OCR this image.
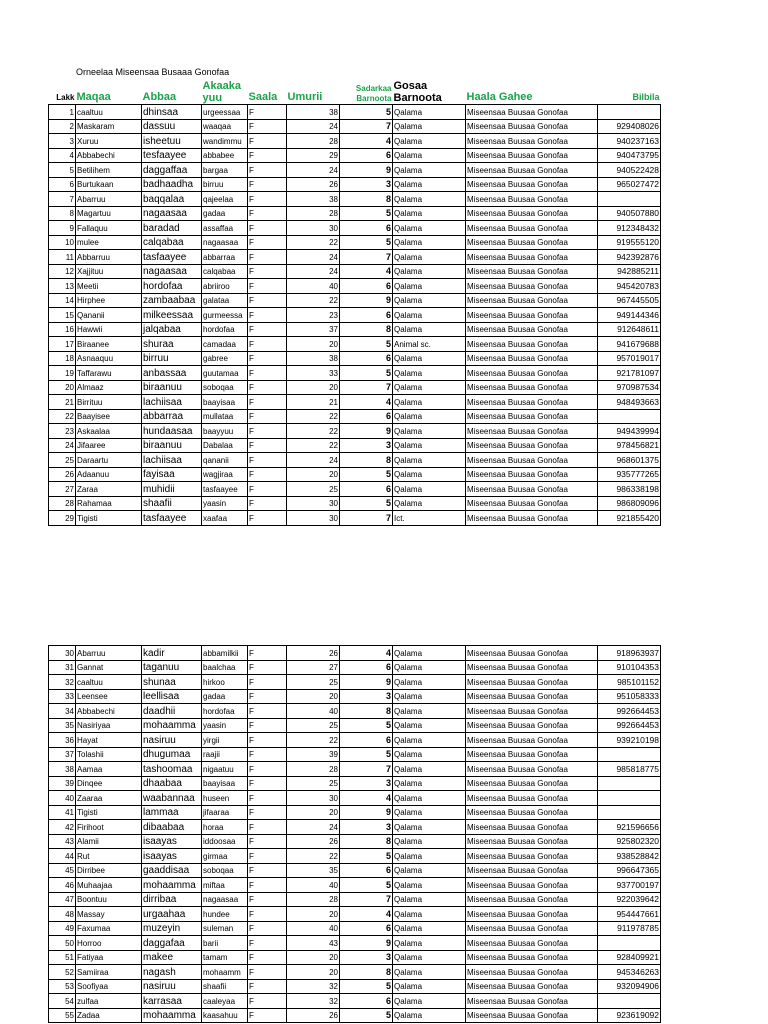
Orneelaa Miseensaa Busaaa Gonofaa
Lakk	Maqaa	Abbaa	Akaaka yuu	Saala	Umurii	Sadarkaa Barnoota	Gosaa Barnoota	Haala Gahee	Bilbila
1	caaltuu	dhinsaa	urgeessaa	F	38	5	Qalama	Miseensaa Buusaa Gonofaa	
2	Maskaram	dassuu	waaqaa	F	24	7	Qalama	Miseensaa Buusaa Gonofaa	929408026
3	Xuruu	isheetuu	wandimmu	F	28	4	Qalama	Miseensaa Buusaa Gonofaa	940237163
4	Abbabechi	tesfaayee	abbabee	F	29	6	Qalama	Miseensaa Buusaa Gonofaa	940473795
5	Betilihem	daggaffaa	bargaa	F	24	9	Qalama	Miseensaa Buusaa Gonofaa	940522428
6	Burtukaan	badhaadha	birruu	F	26	3	Qalama	Miseensaa Buusaa Gonofaa	965027472
7	Abarruu	baqqalaa	qajeelaa	F	38	8	Qalama	Miseensaa Buusaa Gonofaa	
8	Magartuu	nagaasaa	gadaa	F	28	5	Qalama	Miseensaa Buusaa Gonofaa	940507880
9	Fallaquu	baradad	assaffaa	F	30	6	Qalama	Miseensaa Buusaa Gonofaa	912348432
10	mulee	calqabaa	nagaasaa	F	22	5	Qalama	Miseensaa Buusaa Gonofaa	919555120
11	Abbarruu	tasfaayee	abbarraa	F	24	7	Qalama	Miseensaa Buusaa Gonofaa	942392876
12	Xajjituu	nagaasaa	calqabaa	F	24	4	Qalama	Miseensaa Buusaa Gonofaa	942885211
13	Meetii	hordofaa	abriiroo	F	40	6	Qalama	Miseensaa Buusaa Gonofaa	945420783
14	Hirphee	zambaabaa	galataa	F	22	9	Qalama	Miseensaa Buusaa Gonofaa	967445505
15	Qananii	milkeessaa	gurmeessa	F	23	6	Qalama	Miseensaa Buusaa Gonofaa	949144346
16	Hawwii	jalqabaa	hordofaa	F	37	8	Qalama	Miseensaa Buusaa Gonofaa	912648611
17	Biraanee	shuraa	camadaa	F	20	5	Animal sc.	Miseensaa Buusaa Gonofaa	941679688
18	Asnaaquu	birruu	gabree	F	38	6	Qalama	Miseensaa Buusaa Gonofaa	957019017
19	Taffarawu	anbassaa	guutamaa	F	33	5	Qalama	Miseensaa Buusaa Gonofaa	921781097
20	Almaaz	biraanuu	soboqaa	F	20	7	Qalama	Miseensaa Buusaa Gonofaa	970987534
21	Birrituu	lachiisaa	baayisaa	F	21	4	Qalama	Miseensaa Buusaa Gonofaa	948493663
22	Baayisee	abbarraa	mullataa	F	22	6	Qalama	Miseensaa Buusaa Gonofaa	
23	Askaalaa	hundaasaa	baayyuu	F	22	9	Qalama	Miseensaa Buusaa Gonofaa	949439994
24	Jifaaree	biraanuu	Dabalaa	F	22	3	Qalama	Miseensaa Buusaa Gonofaa	978456821
25	Daraartu	lachiisaa	qananii	F	24	8	Qalama	Miseensaa Buusaa Gonofaa	968601375
26	Adaanuu	fayisaa	wagjiraa	F	20	5	Qalama	Miseensaa Buusaa Gonofaa	935777265
27	Zaraa	muhidii	tasfaayee	F	25	6	Qalama	Miseensaa Buusaa Gonofaa	986338198
28	Rahamaa	shaafii	yaasin	F	30	5	Qalama	Miseensaa Buusaa Gonofaa	986809096
29	Tigisti	tasfaayee	xaafaa	F	30	7	Ict.	Miseensaa Buusaa Gonofaa	921855420
30	Abarruu	kadir	abbamilkii	F	26	4	Qalama	Miseensaa Buusaa Gonofaa	918963937
31	Gannat	taganuu	baalchaa	F	27	6	Qalama	Miseensaa Buusaa Gonofaa	910104353
32	caaltuu	shunaa	hirkoo	F	25	9	Qalama	Miseensaa Buusaa Gonofaa	985101152
33	Leensee	leellisaa	gadaa	F	20	3	Qalama	Miseensaa Buusaa Gonofaa	951058333
34	Abbabechi	daadhii	hordofaa	F	40	8	Qalama	Miseensaa Buusaa Gonofaa	992664453
35	Nasiriyaa	mohaamma	yaasin	F	25	5	Qalama	Miseensaa Buusaa Gonofaa	992664453
36	Hayat	nasiruu	yirgii	F	22	6	Qalama	Miseensaa Buusaa Gonofaa	939210198
37	Tolashii	dhugumaa	raajii	F	39	5	Qalama	Miseensaa Buusaa Gonofaa	
38	Aamaa	tashoomaa	nigaatuu	F	28	7	Qalama	Miseensaa Buusaa Gonofaa	985818775
39	Dinqee	dhaabaa	baayisaa	F	25	3	Qalama	Miseensaa Buusaa Gonofaa	
40	Zaaraa	waabannaa	huseen	F	30	4	Qalama	Miseensaa Buusaa Gonofaa	
41	Tigisti	lammaa	jifaaraa	F	20	9	Qalama	Miseensaa Buusaa Gonofaa	
42	Firihoot	dibaabaa	horaa	F	24	3	Qalama	Miseensaa Buusaa Gonofaa	921596656
43	Alamii	isaayas	iddoosaa	F	26	8	Qalama	Miseensaa Buusaa Gonofaa	925802320
44	Rut	isaayas	girmaa	F	22	5	Qalama	Miseensaa Buusaa Gonofaa	938528842
45	Dirribee	gaaddisaa	soboqaa	F	35	6	Qalama	Miseensaa Buusaa Gonofaa	996647365
46	Muhaajaa	mohaamma	miftaa	F	40	5	Qalama	Miseensaa Buusaa Gonofaa	937700197
47	Boontuu	dirribaa	nagaasaa	F	28	7	Qalama	Miseensaa Buusaa Gonofaa	922039642
48	Massay	urgaahaa	hundee	F	20	4	Qalama	Miseensaa Buusaa Gonofaa	954447661
49	Faxumaa	muzeyin	suleman	F	40	6	Qalama	Miseensaa Buusaa Gonofaa	911978785
50	Horroo	daggafaa	barii	F	43	9	Qalama	Miseensaa Buusaa Gonofaa	
51	Fatiyaa	makee	tamam	F	20	3	Qalama	Miseensaa Buusaa Gonofaa	928409921
52	Samiiraa	nagash	mohaamm	F	20	8	Qalama	Miseensaa Buusaa Gonofaa	945346263
53	Soofiyaa	nasiruu	shaafii	F	32	5	Qalama	Miseensaa Buusaa Gonofaa	932094906
54	zulfaa	karrasaa	caaleyaa	F	32	6	Qalama	Miseensaa Buusaa Gonofaa	
55	Zadaa	mohaamma	kaasahuu	F	26	5	Qalama	Miseensaa Buusaa Gonofaa	923619092
